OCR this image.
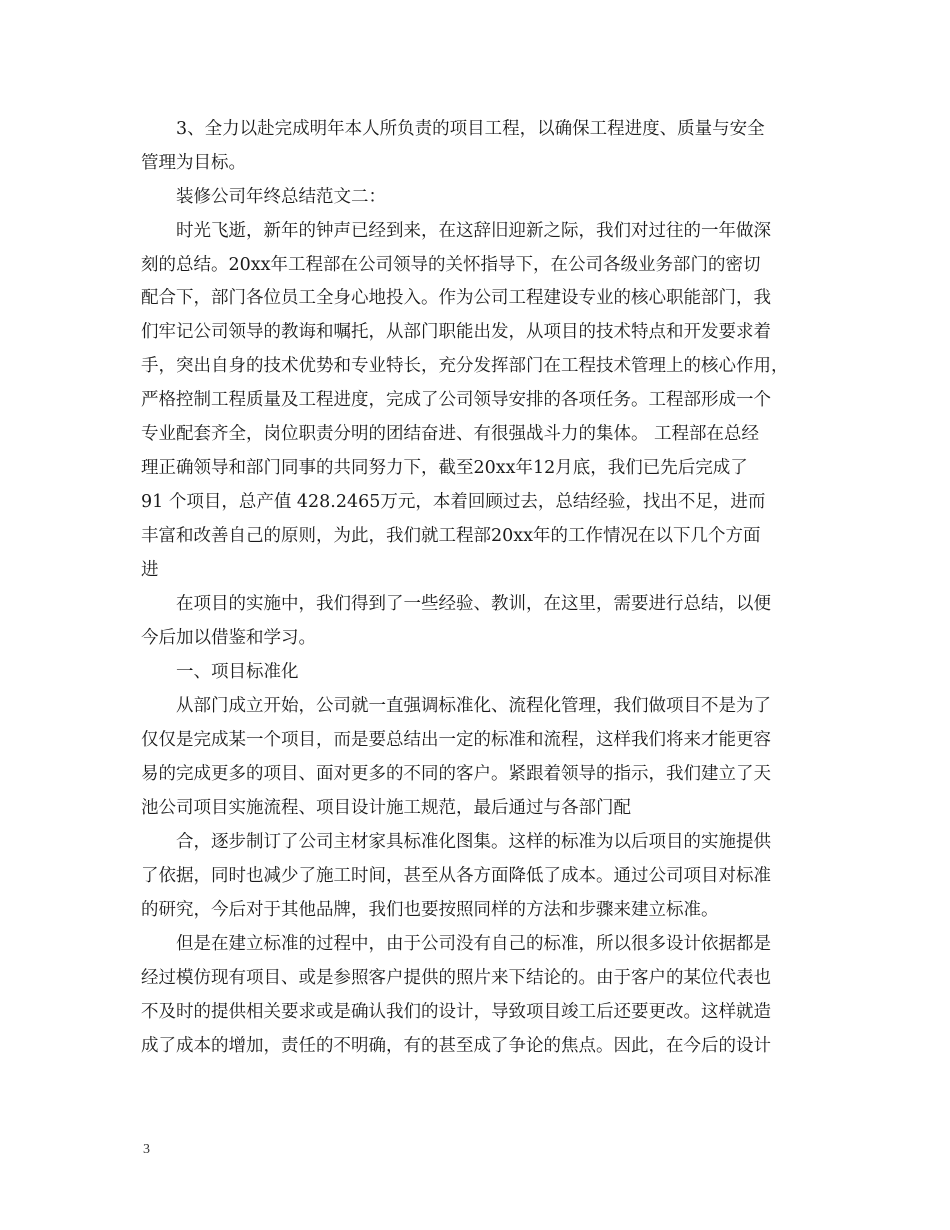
3、全力以赴完成明年本人所负责的项目工程，以确保工程进度、质量与安全
管理为目标。
装修公司年终总结范文二：
时光飞逝，新年的钟声已经到来，在这辞旧迎新之际，我们对过往的一年做深
刻的总结。20xx年工程部在公司领导的关怀指导下，在公司各级业务部门的密切
配合下，部门各位员工全身心地投入。作为公司工程建设专业的核心职能部门，我
们牢记公司领导的教诲和嘱托，从部门职能出发，从项目的技术特点和开发要求着
手，突出自身的技术优势和专业特长，充分发挥部门在工程技术管理上的核心作用，
严格控制工程质量及工程进度，完成了公司领导安排的各项任务。工程部形成一个
专业配套齐全，岗位职责分明的团结奋进、有很强战斗力的集体。 工程部在总经
理正确领导和部门同事的共同努力下，截至20xx年12月底，我们已先后完成了
91 个项目，总产值 428.2465万元，本着回顾过去，总结经验，找出不足，进而
丰富和改善自己的原则，为此，我们就工程部20xx年的工作情况在以下几个方面
进
在项目的实施中，我们得到了一些经验、教训，在这里，需要进行总结，以便
今后加以借鉴和学习。
一、项目标准化
从部门成立开始，公司就一直强调标准化、流程化管理，我们做项目不是为了
仅仅是完成某一个项目，而是要总结出一定的标准和流程，这样我们将来才能更容
易的完成更多的项目、面对更多的不同的客户。紧跟着领导的指示，我们建立了天
池公司项目实施流程、项目设计施工规范，最后通过与各部门配
合，逐步制订了公司主材家具标准化图集。这样的标准为以后项目的实施提供
了依据，同时也减少了施工时间，甚至从各方面降低了成本。通过公司项目对标准
的研究，今后对于其他品牌，我们也要按照同样的方法和步骤来建立标准。
但是在建立标准的过程中，由于公司没有自己的标准，所以很多设计依据都是
经过模仿现有项目、或是参照客户提供的照片来下结论的。由于客户的某位代表也
不及时的提供相关要求或是确认我们的设计，导致项目竣工后还要更改。这样就造
成了成本的增加，责任的不明确，有的甚至成了争论的焦点。因此，在今后的设计
3
